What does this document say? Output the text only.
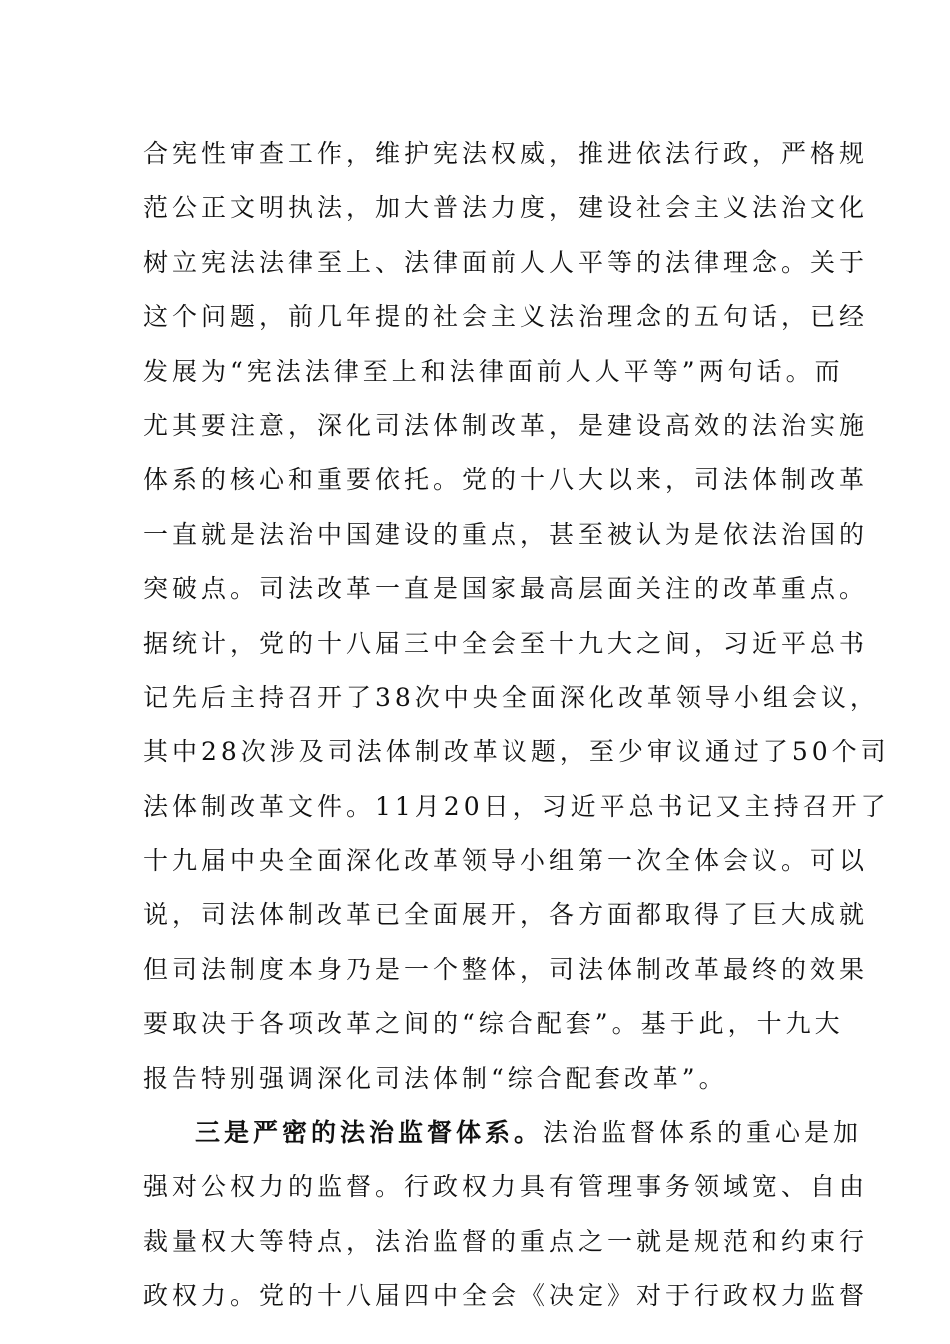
合宪性审查工作，维护宪法权威，推进依法行政，严格规
范公正文明执法，加大普法力度，建设社会主义法治文化
树立宪法法律至上、法律面前人人平等的法律理念。关于
这个问题，前几年提的社会主义法治理念的五句话，已经
发展为“宪法法律至上和法律面前人人平等”两句话。而
尤其要注意，深化司法体制改革，是建设高效的法治实施
体系的核心和重要依托。党的十八大以来，司法体制改革
一直就是法治中国建设的重点，甚至被认为是依法治国的
突破点。司法改革一直是国家最高层面关注的改革重点。
据统计，党的十八届三中全会至十九大之间，习近平总书
记先后主持召开了38次中央全面深化改革领导小组会议，
其中28次涉及司法体制改革议题，至少审议通过了50个司
法体制改革文件。11月20日，习近平总书记又主持召开了
十九届中央全面深化改革领导小组第一次全体会议。可以
说，司法体制改革已全面展开，各方面都取得了巨大成就
但司法制度本身乃是一个整体，司法体制改革最终的效果
要取决于各项改革之间的“综合配套”。基于此，十九大
报告特别强调深化司法体制“综合配套改革”。
三是严密的法治监督体系。法治监督体系的重心是加
强对公权力的监督。行政权力具有管理事务领域宽、自由
裁量权大等特点，法治监督的重点之一就是规范和约束行
政权力。党的十八届四中全会《决定》对于行政权力监督
